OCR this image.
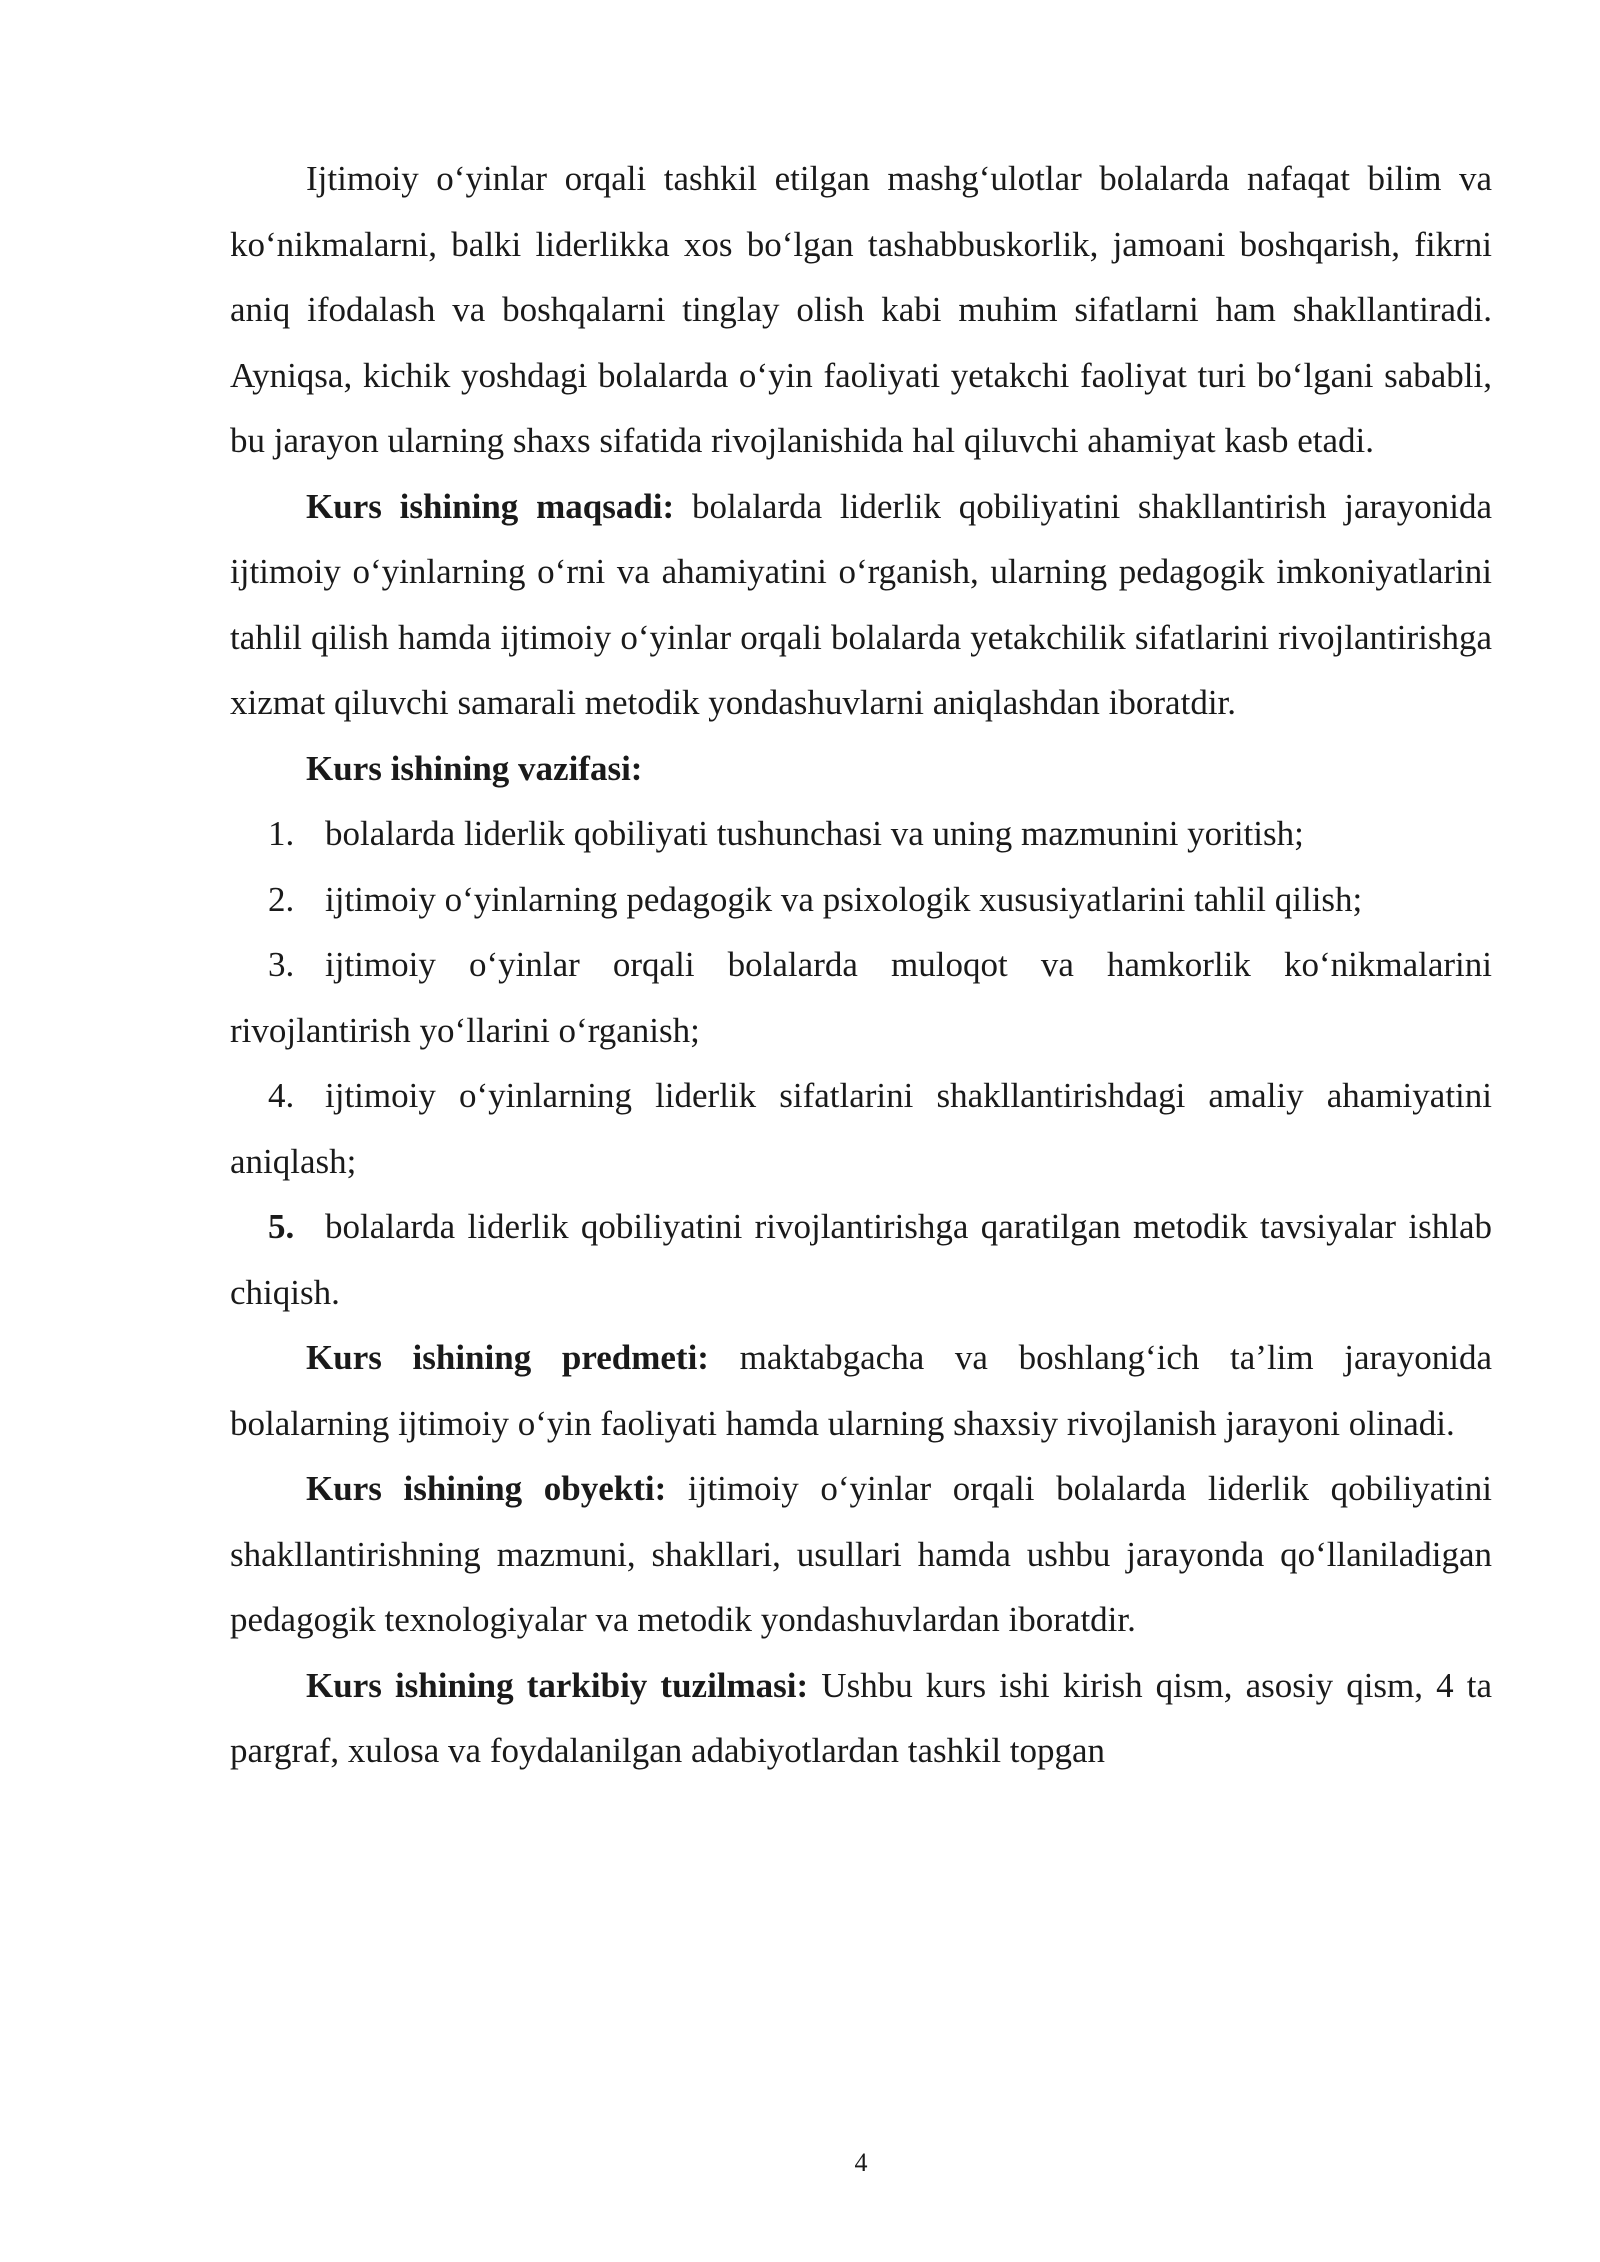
Ijtimoiy o‘yinlar orqali tashkil etilgan mashg‘ulotlar bolalarda nafaqat bilim va ko‘nikmalarni, balki liderlikka xos bo‘lgan tashabbuskorlik, jamoani boshqarish, fikrni aniq ifodalash va boshqalarni tinglay olish kabi muhim sifatlarni ham shakllantiradi. Ayniqsa, kichik yoshdagi bolalarda o‘yin faoliyati yetakchi faoliyat turi bo‘lgani sababli, bu jarayon ularning shaxs sifatida rivojlanishida hal qiluvchi ahamiyat kasb etadi.

Kurs ishining maqsadi: bolalarda liderlik qobiliyatini shakllantirish jarayonida ijtimoiy o‘yinlarning o‘rni va ahamiyatini o‘rganish, ularning pedagogik imkoniyatlarini tahlil qilish hamda ijtimoiy o‘yinlar orqali bolalarda yetakchilik sifatlarini rivojlantirishga xizmat qiluvchi samarali metodik yondashuvlarni aniqlashdan iboratdir.

Kurs ishining vazifasi:

1. bolalarda liderlik qobiliyati tushunchasi va uning mazmunini yoritish;

2. ijtimoiy o‘yinlarning pedagogik va psixologik xususiyatlarini tahlil qilish;

3. ijtimoiy o‘yinlar orqali bolalarda muloqot va hamkorlik ko‘nikmalarini rivojlantirish yo‘llarini o‘rganish;

4. ijtimoiy o‘yinlarning liderlik sifatlarini shakllantirishdagi amaliy ahamiyatini aniqlash;

5. bolalarda liderlik qobiliyatini rivojlantirishga qaratilgan metodik tavsiyalar ishlab chiqish.

Kurs ishining predmeti: maktabgacha va boshlang‘ich ta’lim jarayonida bolalarning ijtimoiy o‘yin faoliyati hamda ularning shaxsiy rivojlanish jarayoni olinadi.

Kurs ishining obyekti: ijtimoiy o‘yinlar orqali bolalarda liderlik qobiliyatini shakllantirishning mazmuni, shakllari, usullari hamda ushbu jarayonda qo‘llaniladigan pedagogik texnologiyalar va metodik yondashuvlardan iboratdir.

Kurs ishining tarkibiy tuzilmasi: Ushbu kurs ishi kirish qism, asosiy qism, 4 ta pargraf, xulosa va foydalanilgan adabiyotlardan tashkil topgan

4
